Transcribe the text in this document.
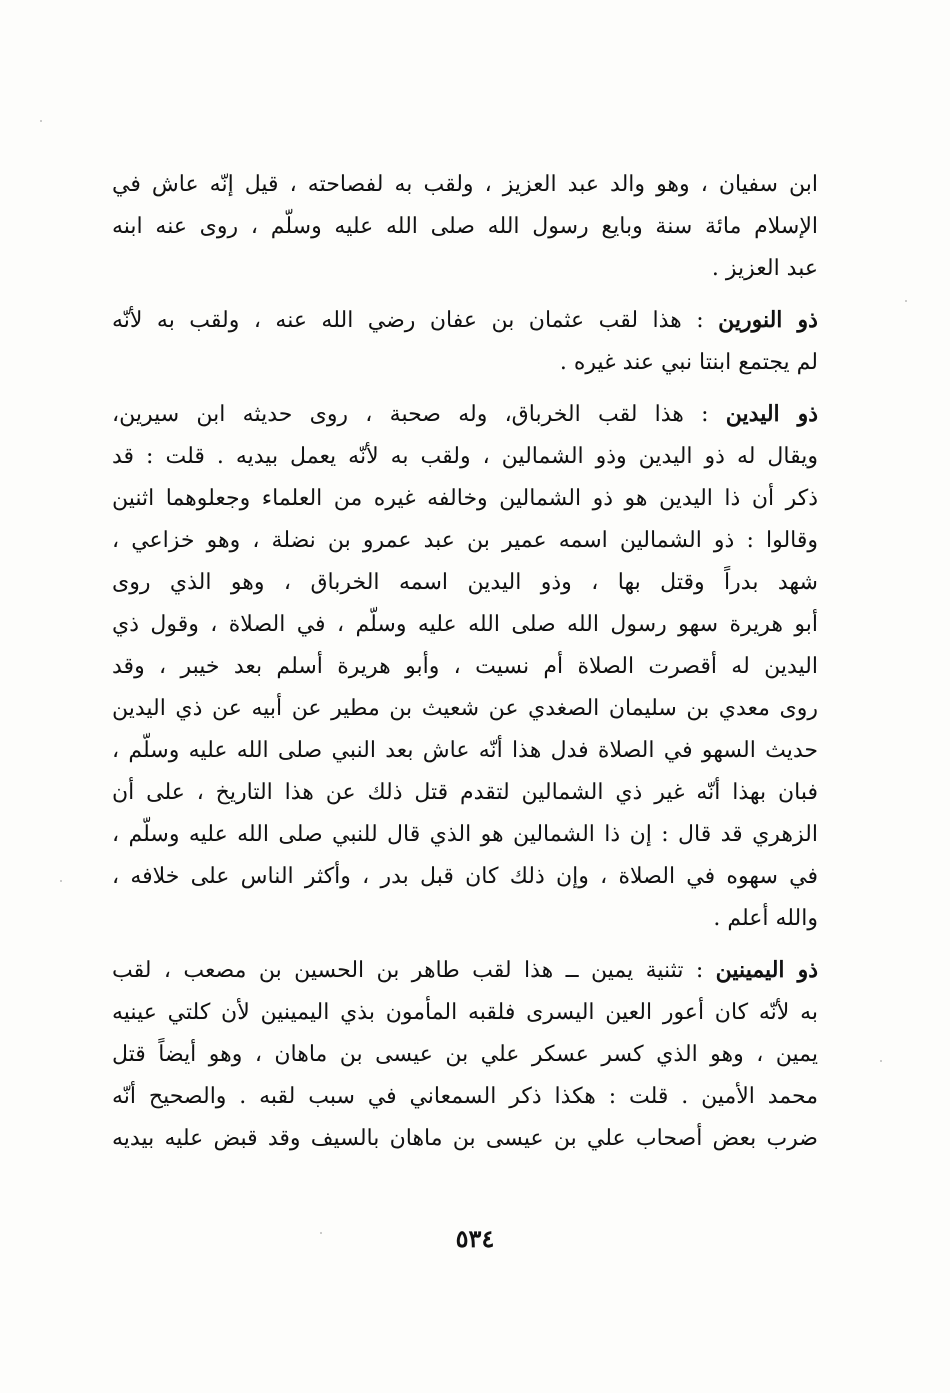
ابن سفيان ، وهو والد عبد العزيز ، ولقب به لفصاحته ، قيل إنّه عاش في
الإسلام مائة سنة وبايع رسول الله صلى الله عليه وسلّم ، روى عنه ابنه
عبد العزيز .

ذو النورين : هذا لقب عثمان بن عفان رضي الله عنه ، ولقب به لأنّه
لم يجتمع ابنتا نبي عند غيره .

ذو اليدين : هذا لقب الخرباق، وله صحبة ، روى حديثه ابن سيرين،
ويقال له ذو اليدين وذو الشمالين ، ولقب به لأنّه يعمل بيديه . قلت : قد
ذكر أن ذا اليدين هو ذو الشمالين وخالفه غيره من العلماء وجعلوهما اثنين
وقالوا : ذو الشمالين اسمه عمير بن عبد عمرو بن نضلة ، وهو خزاعي ،
شهد بدراً وقتل بها ، وذو اليدين اسمه الخرباق ، وهو الذي روى
أبو هريرة سهو رسول الله صلى الله عليه وسلّم ، في الصلاة ، وقول ذي
اليدين له أقصرت الصلاة أم نسيت ، وأبو هريرة أسلم بعد خيبر ، وقد
روى معدي بن سليمان الصغدي عن شعيث بن مطير عن أبيه عن ذي اليدين
حديث السهو في الصلاة فدل هذا أنّه عاش بعد النبي صلى الله عليه وسلّم ،
فبان بهذا أنّه غير ذي الشمالين لتقدم قتل ذلك عن هذا التاريخ ، على أن
الزهري قد قال : إن ذا الشمالين هو الذي قال للنبي صلى الله عليه وسلّم ،
في سهوه في الصلاة ، وإن ذلك كان قبل بدر ، وأكثر الناس على خلافه ،
والله أعلم .

ذو اليمينين : تثنية يمين ــ هذا لقب طاهر بن الحسين بن مصعب ، لقب
به لأنّه كان أعور العين اليسرى فلقبه المأمون بذي اليمينين لأن كلتي عينيه
يمين ، وهو الذي كسر عسكر علي بن عيسى بن ماهان ، وهو أيضاً قتل
محمد الأمين . قلت : هكذا ذكر السمعاني في سبب لقبه . والصحيح أنّه
ضرب بعض أصحاب علي بن عيسى بن ماهان بالسيف وقد قبض عليه بيديه

٥٣٤
